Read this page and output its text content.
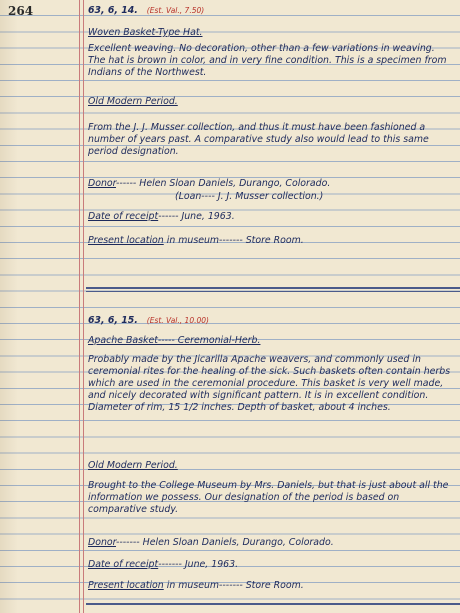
264	63, 6, 14. (Est. Val., 7.50)
Woven Basket-Type Hat.
Excellent weaving. No decoration, other than a few variations in weaving. The hat is brown in color, and in very fine condition. This is a specimen from Indians of the Northwest.
Old Modern Period.
From the J. J. Musser collection, and thus it must have been fashioned a number of years past. A comparative study also would lead to this same period designation.
Donor------ Helen Sloan Daniels, Durango, Colorado.
(Loan---- J. J. Musser collection.)
Date of receipt------ June, 1963.
Present location in museum------- Store Room.
63, 6, 15. (Est. Val., 10.00)
Apache Basket----- Ceremonial-Herb.
Probably made by the Jicarilla Apache weavers, and commonly used in ceremonial rites for the healing of the sick. Such baskets often contain herbs which are used in the ceremonial procedure. This basket is very well made, and nicely decorated with significant pattern. It is in excellent condition. Diameter of rim, 15 1/2 inches. Depth of basket, about 4 inches.
Old Modern Period.
Brought to the College Museum by Mrs. Daniels, but that is just about all the information we possess. Our designation of the period is based on comparative study.
Donor------- Helen Sloan Daniels, Durango, Colorado.
Date of receipt------- June, 1963.
Present location in museum------- Store Room.
